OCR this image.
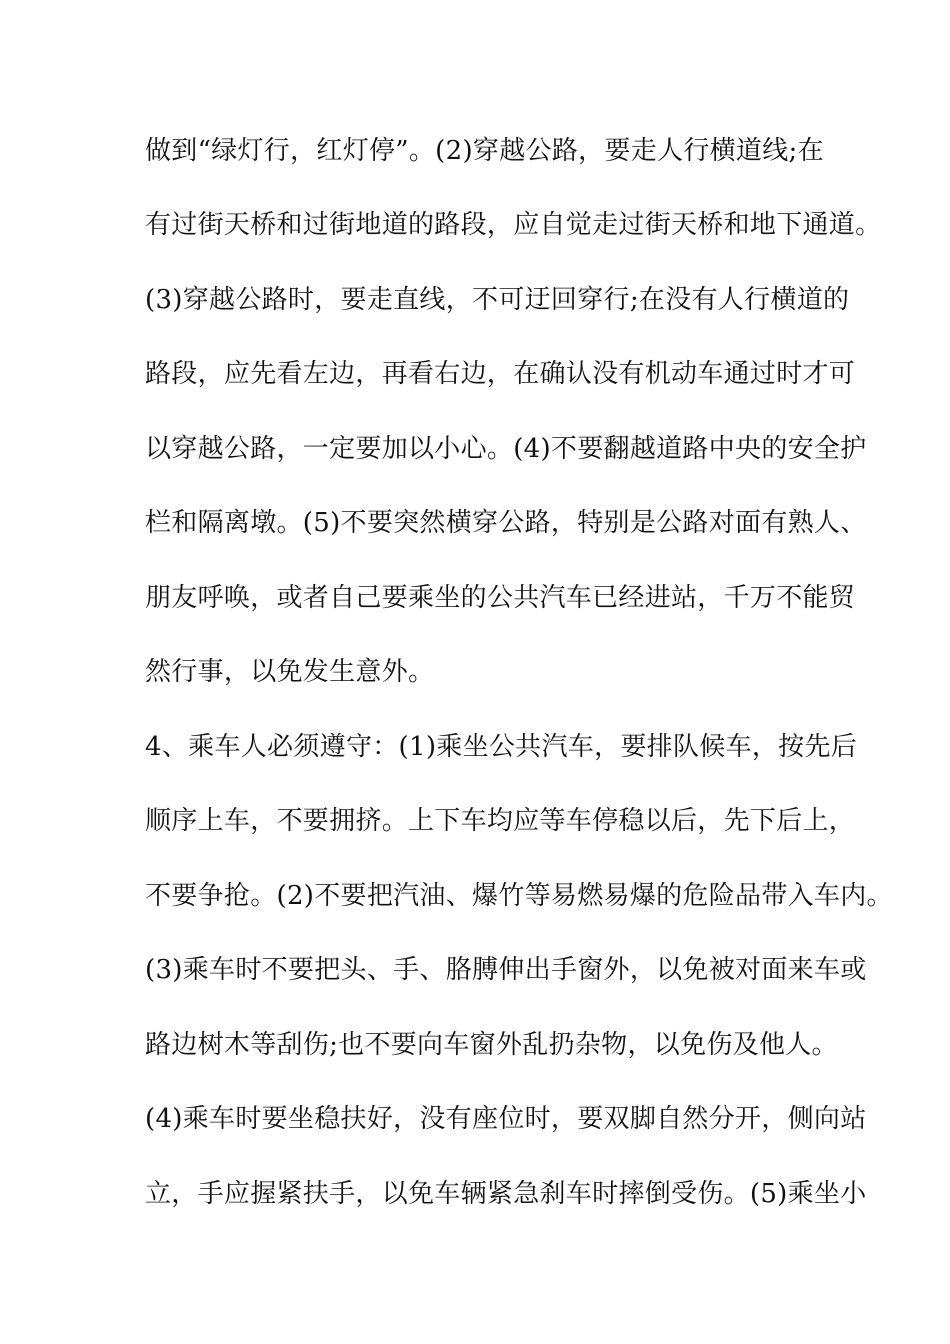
做到“绿灯行，红灯停”。(2)穿越公路，要走人行横道线;在
有过街天桥和过街地道的路段，应自觉走过街天桥和地下通道。
(3)穿越公路时，要走直线，不可迂回穿行;在没有人行横道的
路段，应先看左边，再看右边，在确认没有机动车通过时才可
以穿越公路，一定要加以小心。(4)不要翻越道路中央的安全护
栏和隔离墩。(5)不要突然横穿公路，特别是公路对面有熟人、
朋友呼唤，或者自己要乘坐的公共汽车已经进站，千万不能贸
然行事，以免发生意外。
4、乘车人必须遵守：(1)乘坐公共汽车，要排队候车，按先后
顺序上车，不要拥挤。上下车均应等车停稳以后，先下后上，
不要争抢。(2)不要把汽油、爆竹等易燃易爆的危险品带入车内。
(3)乘车时不要把头、手、胳膊伸出手窗外，以免被对面来车或
路边树木等刮伤;也不要向车窗外乱扔杂物，以免伤及他人。
(4)乘车时要坐稳扶好，没有座位时，要双脚自然分开，侧向站
立，手应握紧扶手，以免车辆紧急刹车时摔倒受伤。(5)乘坐小
